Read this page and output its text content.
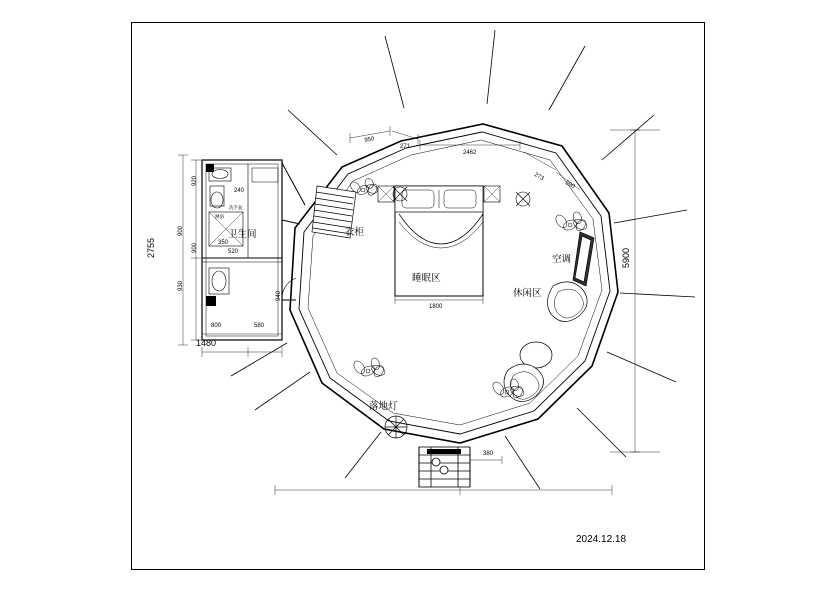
卫生间	衣柜
睡眠区
空调
休闲区
落地灯
洗手盆
淋浴
5900
2755
1480
800	580
920
900
930
900	350
520
240
940
950
271
2462
273
590
1800
380
2024.12.18
